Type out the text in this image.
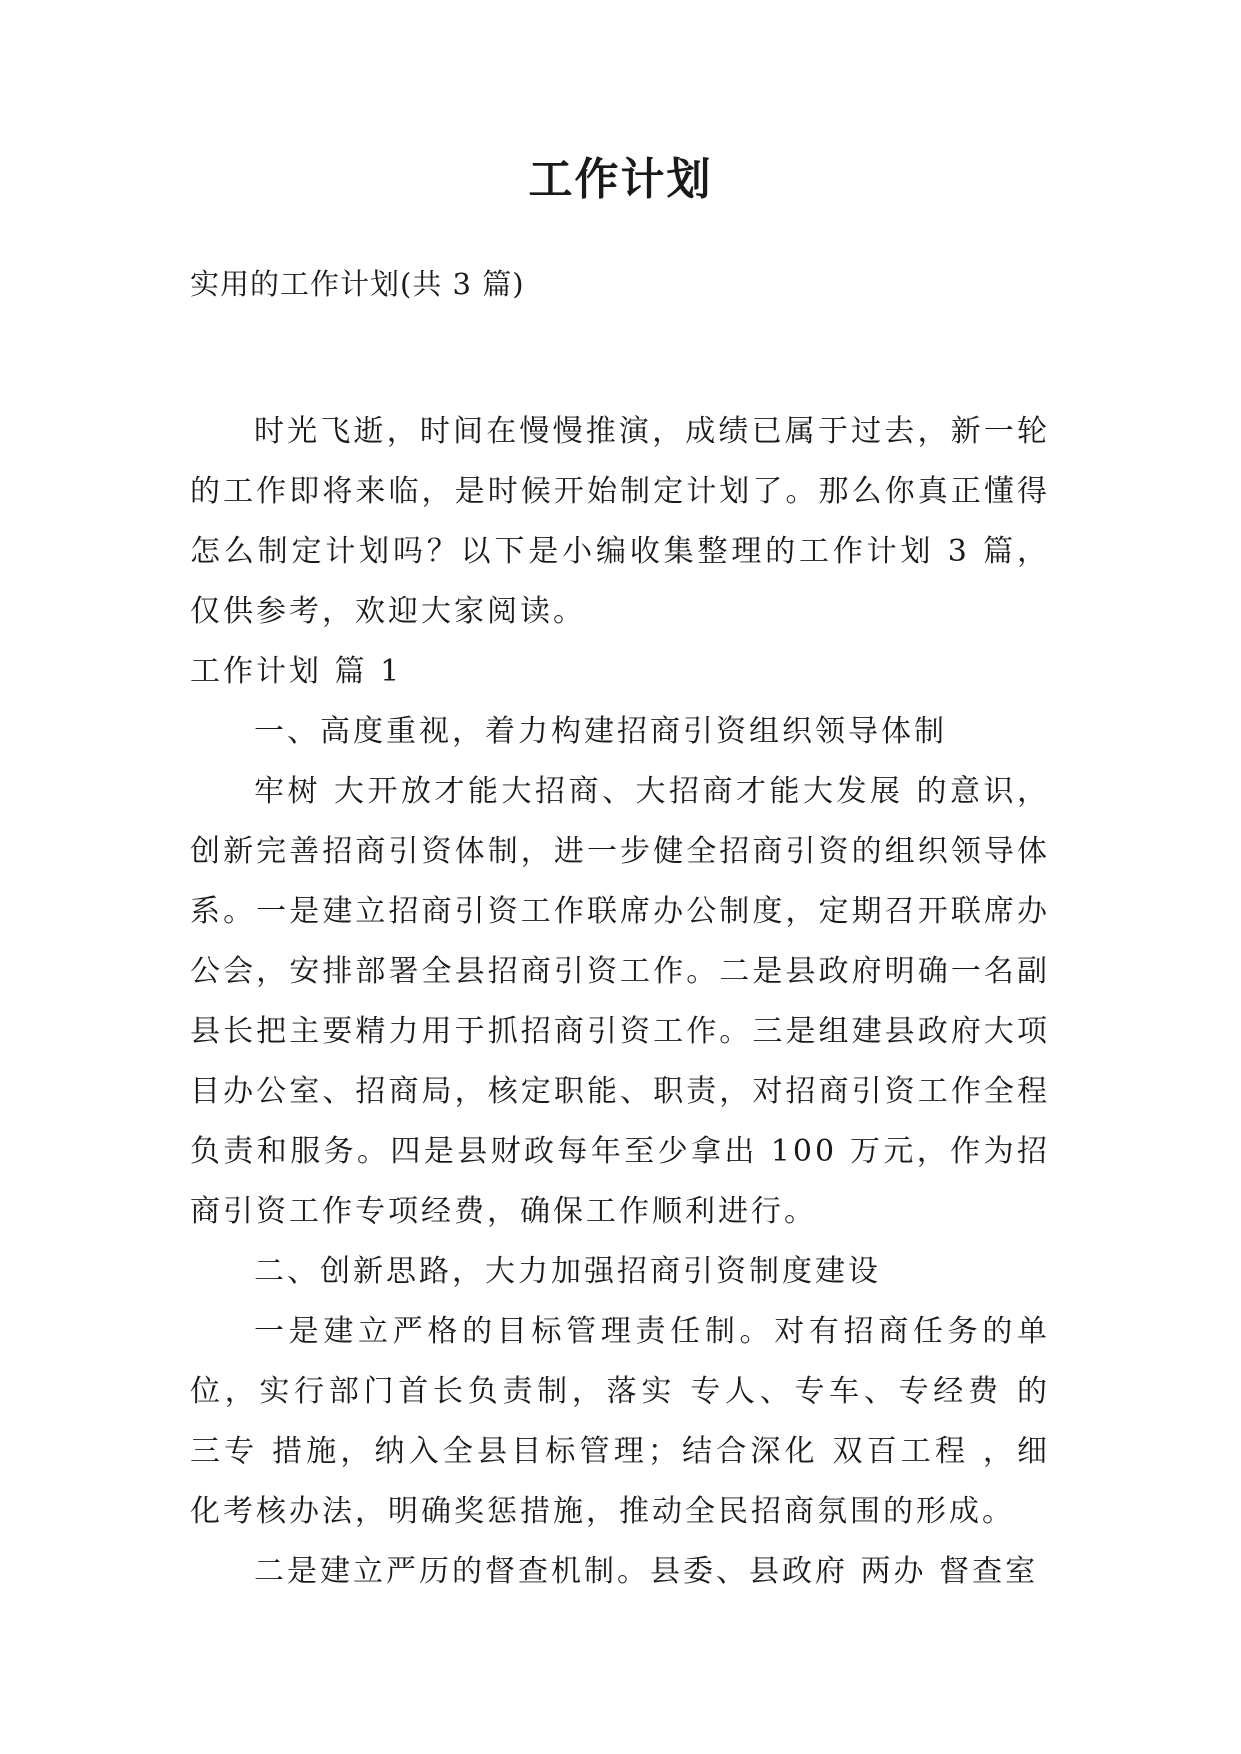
工作计划

实用的工作计划(共 3 篇)

时光飞逝，时间在慢慢推演，成绩已属于过去，新一轮的工作即将来临，是时候开始制定计划了。那么你真正懂得怎么制定计划吗？以下是小编收集整理的工作计划 3 篇，仅供参考，欢迎大家阅读。

工作计划 篇 1

一、高度重视，着力构建招商引资组织领导体制

牢树 大开放才能大招商、大招商才能大发展 的意识，创新完善招商引资体制，进一步健全招商引资的组织领导体系。一是建立招商引资工作联席办公制度，定期召开联席办公会，安排部署全县招商引资工作。二是县政府明确一名副县长把主要精力用于抓招商引资工作。三是组建县政府大项目办公室、招商局，核定职能、职责，对招商引资工作全程负责和服务。四是县财政每年至少拿出 100 万元，作为招商引资工作专项经费，确保工作顺利进行。

二、创新思路，大力加强招商引资制度建设

一是建立严格的目标管理责任制。对有招商任务的单位，实行部门首长负责制，落实 专人、专车、专经费 的 三专 措施，纳入全县目标管理；结合深化 双百工程 ，细化考核办法，明确奖惩措施，推动全民招商氛围的形成。

二是建立严历的督查机制。县委、县政府 两办 督查室
